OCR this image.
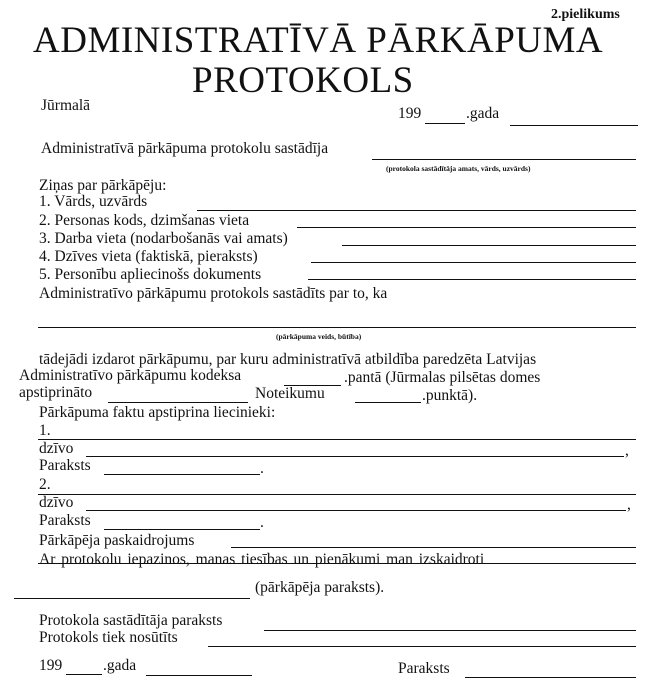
2.pielikums
ADMINISTRATĪVĀ PĀRKĀPUMA
PROTOKOLS
Jūrmalā	199	.gada
Administratīvā pārkāpuma protokolu sastādīja
(protokola sastādītāja amats, vārds, uzvārds)
Ziņas par pārkāpēju:
1. Vārds, uzvārds
2. Personas kods, dzimšanas vieta
3. Darba vieta (nodarbošanās vai amats)
4. Dzīves vieta (faktiskā, pieraksts)
5. Personību apliecinošs dokuments
Administratīvo pārkāpumu protokols sastādīts par to, ka
(pārkāpuma veids, būtība)
tādejādi izdarot pārkāpumu, par kuru administratīvā atbildība paredzēta Latvijas
Administratīvo pārkāpumu kodeksa	.pantā (Jūrmalas pilsētas domes
apstiprināto	Noteikumu	.punktā).
Pārkāpuma faktu apstiprina liecinieki:
1.
dzīvo	,
Paraksts	.
2.
dzīvo	,
Paraksts	.
Pārkāpēja paskaidrojums
Ar protokolu iepazinos, manas tiesības un pienākumi man izskaidroti
(pārkāpēja paraksts).
Protokola sastādītāja paraksts
Protokols tiek nosūtīts
199	.gada	Paraksts
